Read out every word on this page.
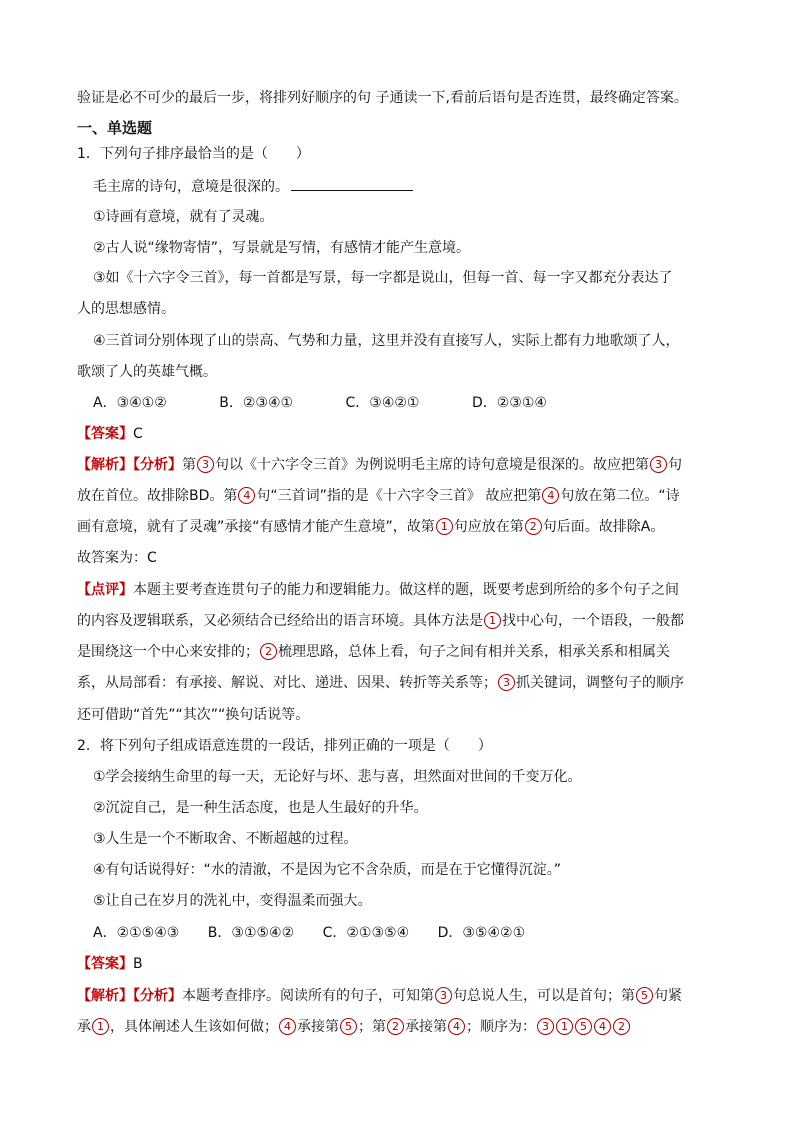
验证是必不可少的最后一步，将排列好顺序的句 子通读一下,看前后语句是否连贯，最终确定答案。
一、单选题
1．下列句子排序最恰当的是（　　）
毛主席的诗句，意境是很深的。
①诗画有意境，就有了灵魂。
②古人说“缘物寄情”，写景就是写情，有感情才能产生意境。
③如《十六字令三首》，每一首都是写景，每一字都是说山，但每一首、每一字又都充分表达了
人的思想感情。
④三首词分别体现了山的崇高、气势和力量，这里并没有直接写人，实际上都有力地歌颂了人，
歌颂了人的英雄气概。
A．③④①②	B．②③④①	C．③④②①	D．②③①④
【答案】C
【解析】【分析】第 3 句以《十六字令三首》为例说明毛主席的诗句意境是很深的。故应把第 3 句
放在首位。故排除BD。第 4 句“三首词”指的是《十六字令三首》 故应把第 4 句放在第二位。“诗
画有意境，就有了灵魂”承接“有感情才能产生意境”，故第 1 句应放在第 2 句后面。故排除A。
故答案为：C
【点评】本题主要考查连贯句子的能力和逻辑能力。做这样的题，既要考虑到所给的多个句子之间
的内容及逻辑联系，又必须结合已经给出的语言环境。具体方法是 1 找中心句，一个语段，一般都
是围绕这一个中心来安排的； 2 梳理思路，总体上看，句子之间有相并关系，相承关系和相属关
系，从局部看：有承接、解说、对比、递进、因果、转折等关系等； 3 抓关键词，调整句子的顺序
还可借助“首先”“其次”“换句话说等。
2．将下列句子组成语意连贯的一段话，排列正确的一项是（　　）
①学会接纳生命里的每一天，无论好与坏、悲与喜，坦然面对世间的千变万化。
②沉淀自己，是一种生活态度，也是人生最好的升华。
③人生是一个不断取舍、不断超越的过程。
④有句话说得好：“水的清澈，不是因为它不含杂质，而是在于它懂得沉淀。”
⑤让自己在岁月的洗礼中，变得温柔而强大。
A．②①⑤④③ B．③①⑤④② C．②①③⑤④ D．③⑤④②①
【答案】B
【解析】【分析】本题考查排序。阅读所有的句子，可知第 3 句总说人生，可以是首句；第 5 句紧
承 1 ，具体阐述人生该如何做； 4 承接第 5 ；第 2 承接第 4 ；顺序为： 3 1 5 4 2
